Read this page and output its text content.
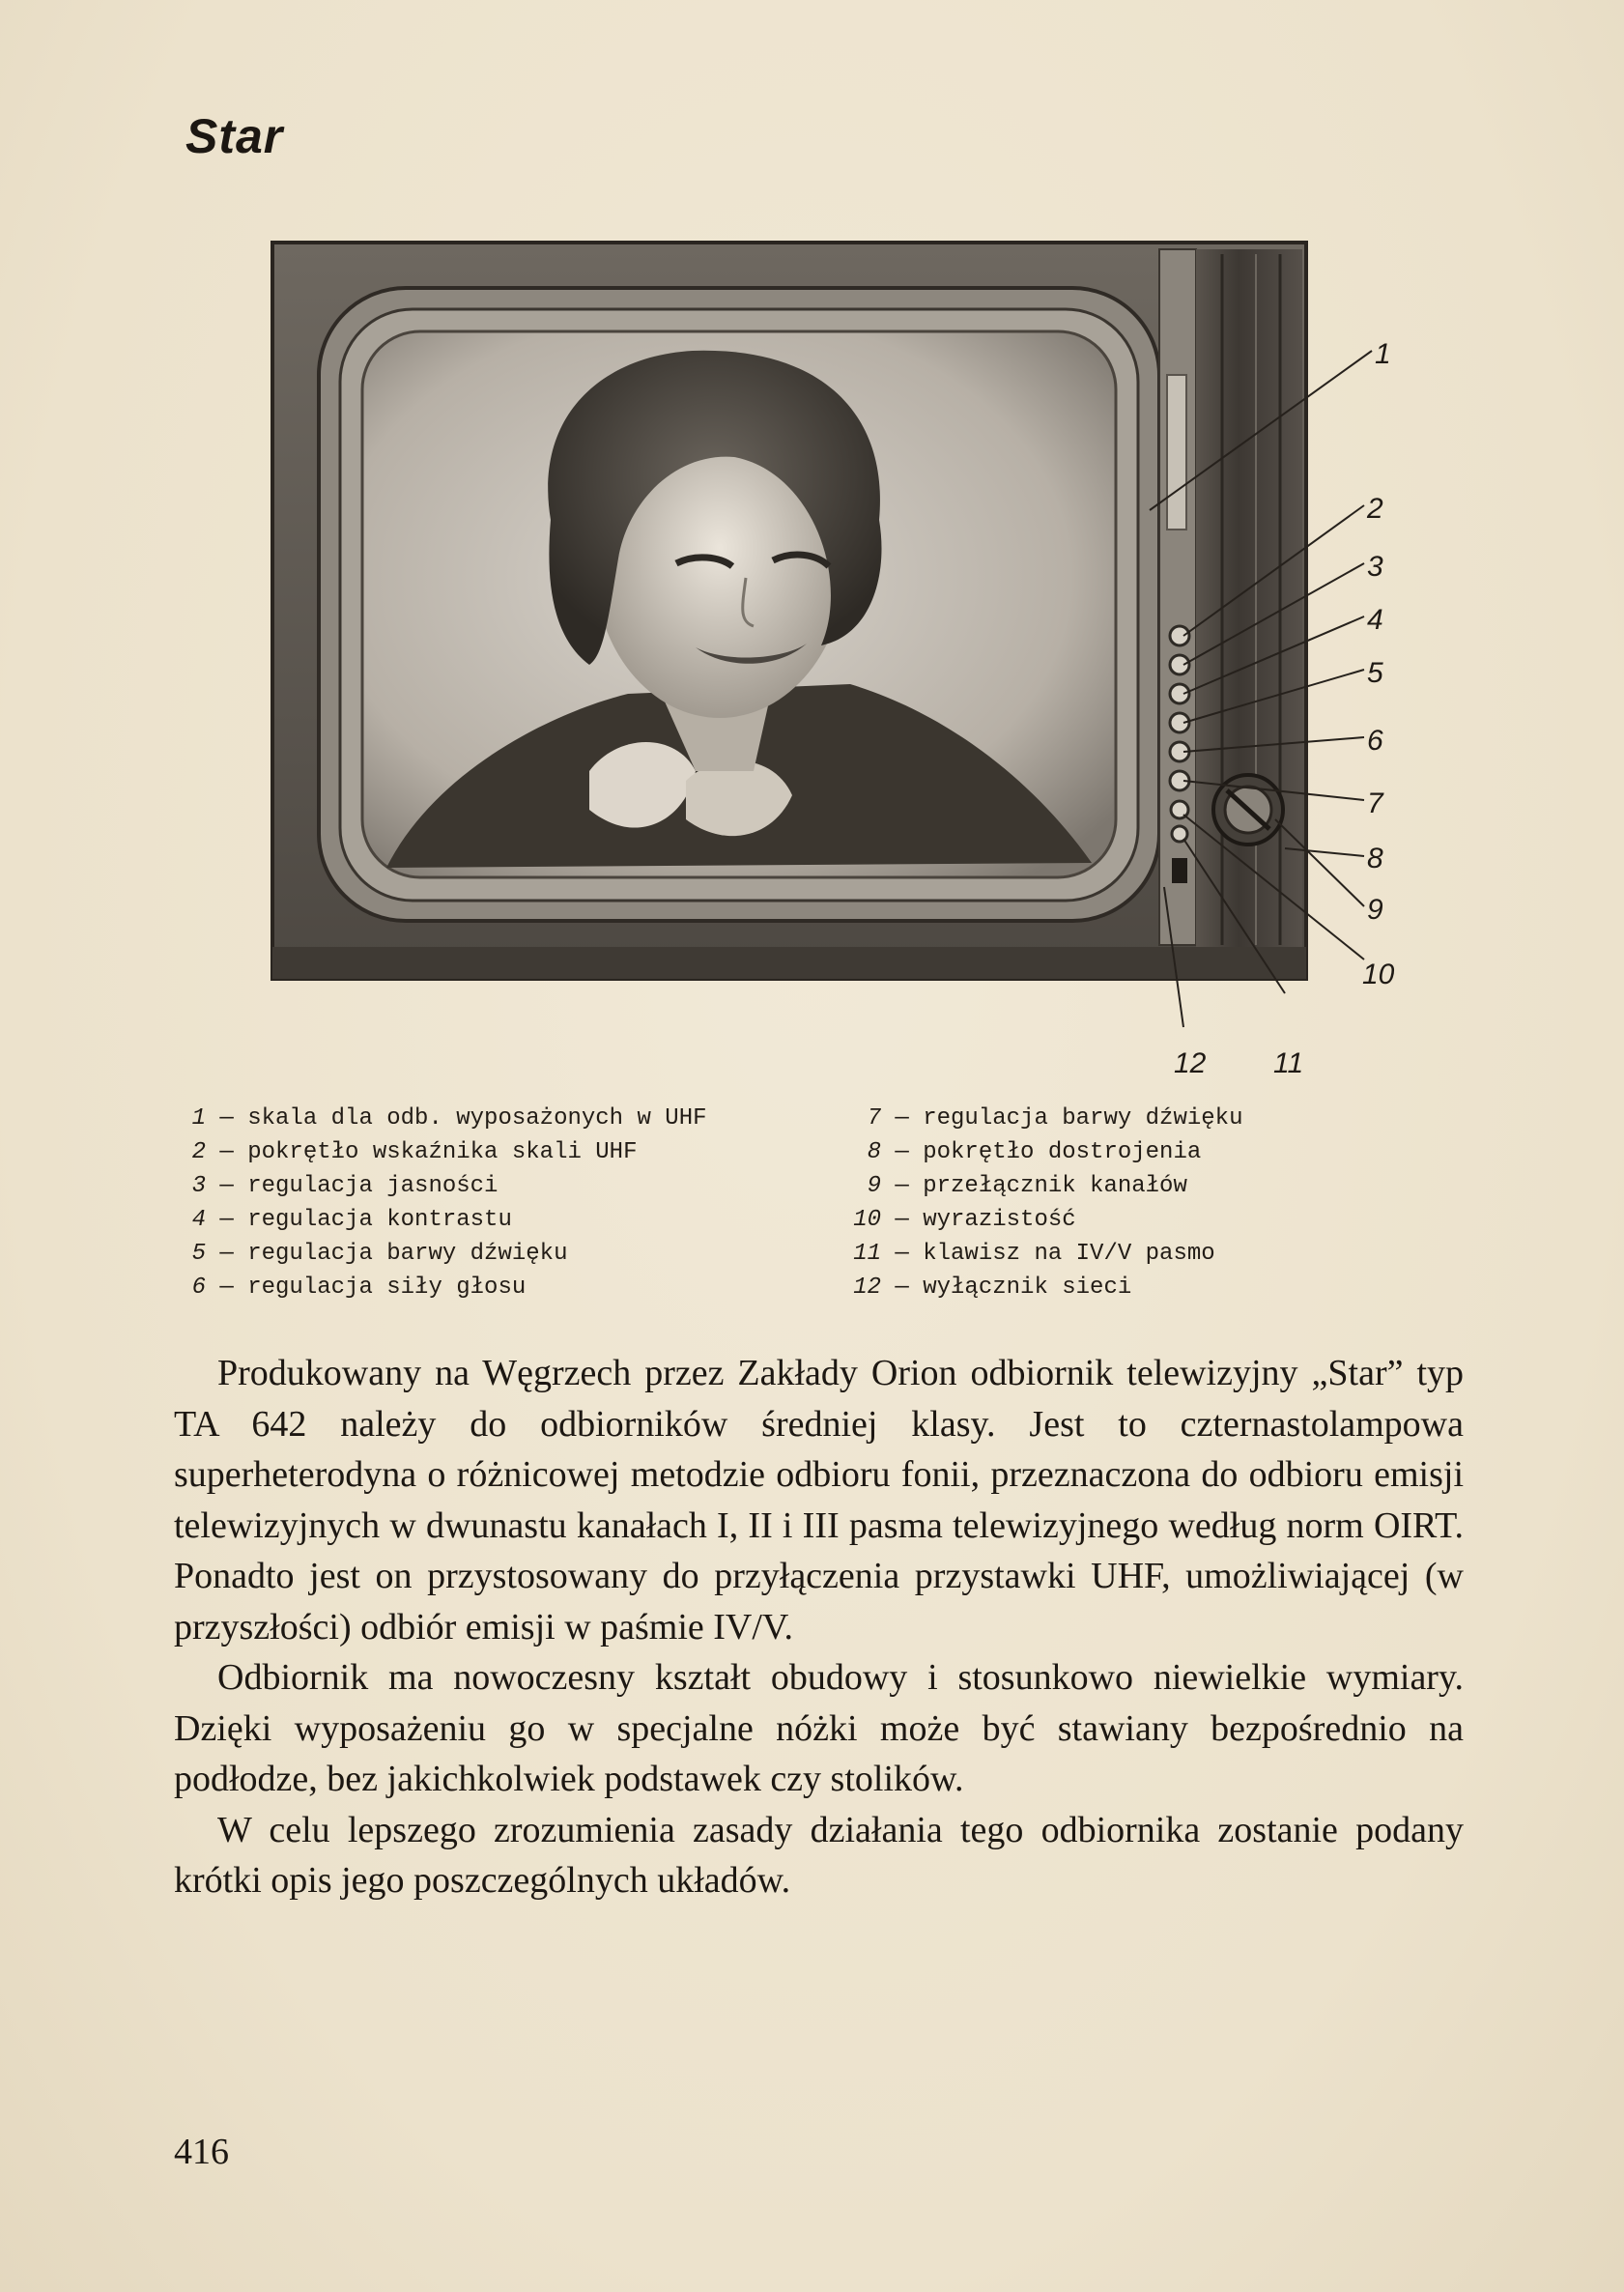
Star
1
2
3
4
5
6
7
8
9
10
11
12
1 — skala dla odb. wyposażonych w UHF
2 — pokrętło wskaźnika skali UHF
3 — regulacja jasności
4 — regulacja kontrastu
5 — regulacja barwy dźwięku
6 — regulacja siły głosu
7 — regulacja barwy dźwięku
8 — pokrętło dostrojenia
9 — przełącznik kanałów
10 — wyrazistość
11 — klawisz na IV/V pasmo
12 — wyłącznik sieci

Produkowany na Węgrzech przez Zakłady Orion odbiornik telewizyjny „Star” typ TA 642 należy do odbiorników średniej klasy. Jest to czternastolampowa superheterodyna o różnicowej metodzie odbioru fonii, przeznaczona do odbioru emisji telewizyjnych w dwunastu kanałach I, II i III pasma telewizyjnego według norm OIRT. Ponadto jest on przystosowany do przyłączenia przystawki UHF, umożliwiającej (w przyszłości) odbiór emisji w paśmie IV/V.

Odbiornik ma nowoczesny kształt obudowy i stosunkowo niewielkie wymiary. Dzięki wyposażeniu go w specjalne nóżki może być stawiany bezpośrednio na podłodze, bez jakichkolwiek podstawek czy stolików.

W celu lepszego zrozumienia zasady działania tego odbiornika zostanie podany krótki opis jego poszczególnych układów.

416
